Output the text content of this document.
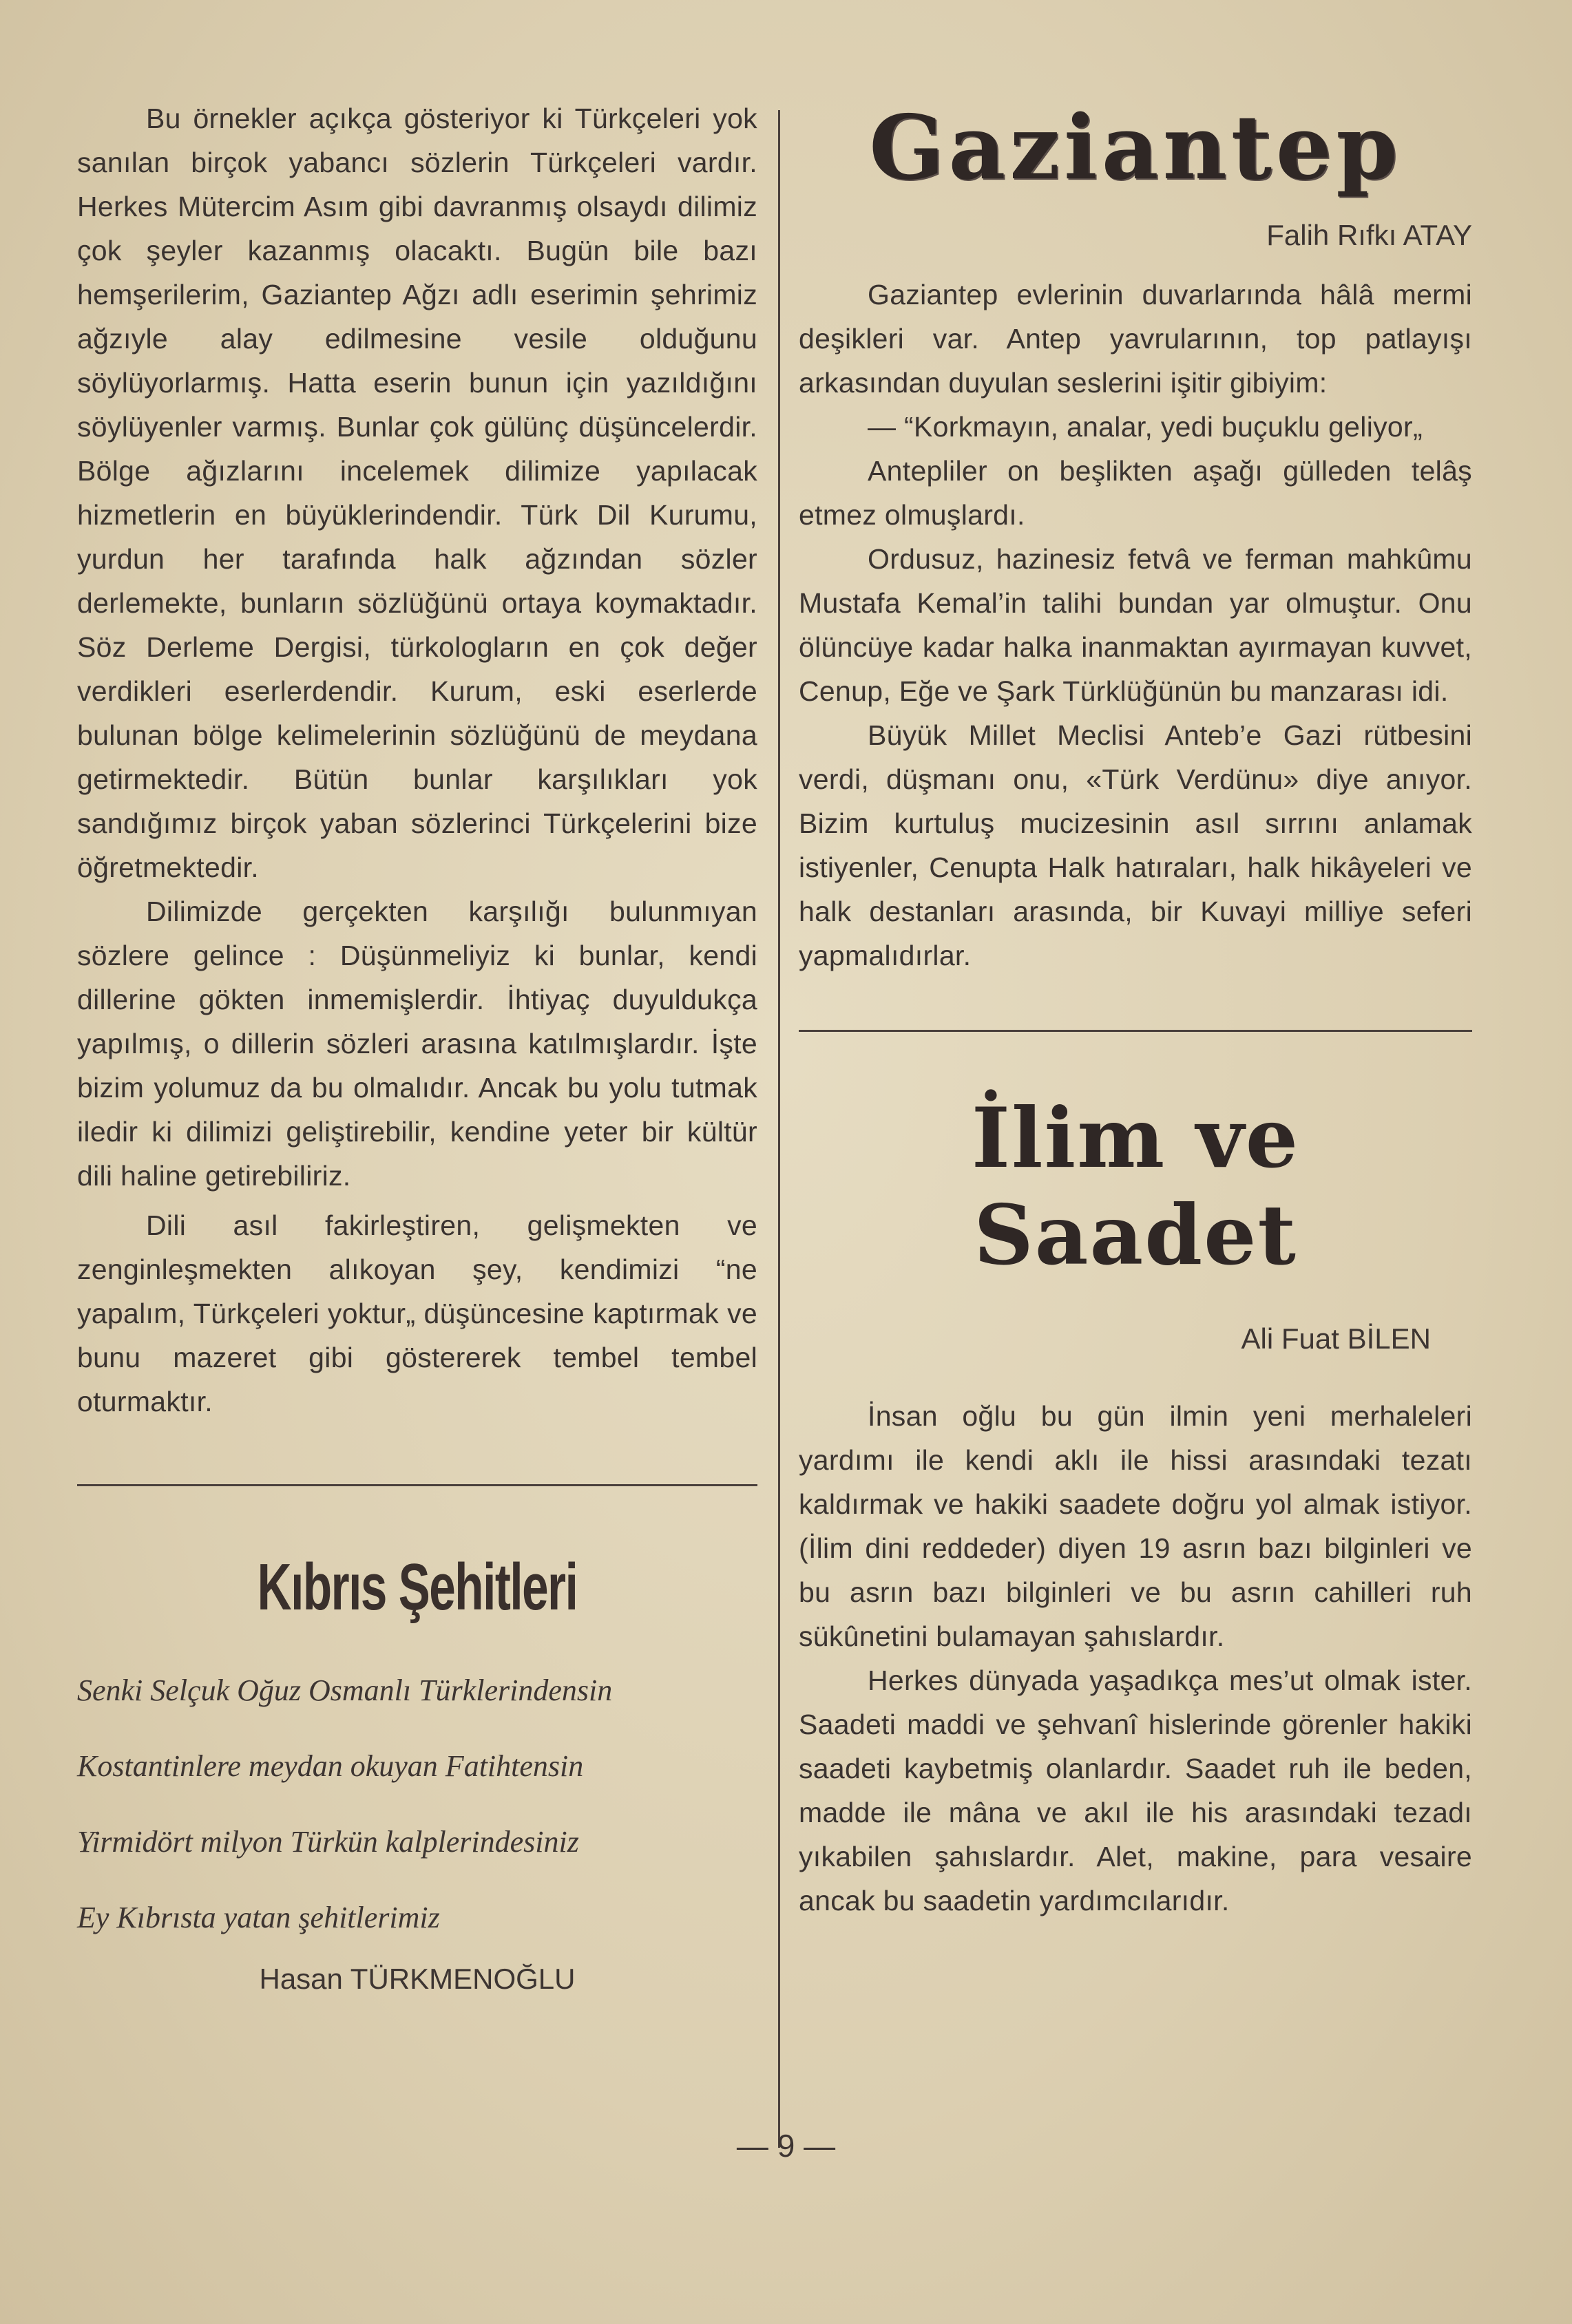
Bu örnekler açıkça gösteriyor ki Türkçeleri yok sanılan birçok yabancı sözlerin Türkçeleri vardır. Herkes Mütercim Asım gibi davranmış olsaydı dilimiz çok şeyler kazanmış olacaktı. Bugün bile bazı hemşerilerim, Gaziantep Ağzı adlı eserimin şehrimiz ağzıyle alay edilmesine vesile olduğunu söylüyorlarmış. Hatta eserin bunun için yazıldığını söylüyenler varmış. Bunlar çok gülünç düşüncelerdir. Bölge ağızlarını incelemek dilimize yapılacak hizmetlerin en büyüklerindendir. Türk Dil Kurumu, yurdun her tarafında halk ağzından sözler derlemekte, bunların sözlüğünü ortaya koymaktadır. Söz Derleme Dergisi, türkologların en çok değer verdikleri eserlerdendir. Kurum, eski eserlerde bulunan bölge kelimelerinin sözlüğünü de meydana getirmektedir. Bütün bunlar karşılıkları yok sandığımız birçok yaban sözlerinci Türkçelerini bize öğretmektedir.

Dilimizde gerçekten karşılığı bulunmıyan sözlere gelince : Düşünmeliyiz ki bunlar, kendi dillerine gökten inmemişlerdir. İhtiyaç duyuldukça yapılmış, o dillerin sözleri arasına katılmışlardır. İşte bizim yolumuz da bu olmalıdır. Ancak bu yolu tutmak iledir ki dilimizi geliştirebilir, kendine yeter bir kültür dili haline getirebiliriz.

Dili asıl fakirleştiren, gelişmekten ve zenginleşmekten alıkoyan şey, kendimizi “ne yapalım, Türkçeleri yoktur„ düşüncesine kaptırmak ve bunu mazeret gibi göstererek tembel tembel oturmaktır.

Kıbrıs Şehitleri
Senki Selçuk Oğuz Osmanlı Türklerindensin
Kostantinlere meydan okuyan Fatihtensin
Yirmidört milyon Türkün kalplerindesiniz
Ey Kıbrısta yatan şehitlerimiz
Hasan TÜRKMENOĞLU
Gaziantep
Falih Rıfkı ATAY

Gaziantep evlerinin duvarlarında hâlâ mermi deşikleri var. Antep yavrularının, top patlayışı arkasından duyulan seslerini işitir gibiyim:

— “Korkmayın, analar, yedi buçuklu geliyor„

Antepliler on beşlikten aşağı gülleden telâş etmez olmuşlardı.

Ordusuz, hazinesiz fetvâ ve ferman mahkûmu Mustafa Kemal’in talihi bundan yar olmuştur. Onu ölüncüye kadar halka inanmaktan ayırmayan kuvvet, Cenup, Eğe ve Şark Türklüğünün bu manzarası idi.

Büyük Millet Meclisi Anteb’e Gazi rütbesini verdi, düşmanı onu, «Türk Verdünu» diye anıyor. Bizim kurtuluş mucizesinin asıl sırrını anlamak istiyenler, Cenupta Halk hatıraları, halk hikâyeleri ve halk destanları arasında, bir Kuvayi milliye seferi yapmalıdırlar.

İlim ve Saadet
Ali Fuat BİLEN

İnsan oğlu bu gün ilmin yeni merhaleleri yardımı ile kendi aklı ile hissi arasındaki tezatı kaldırmak ve hakiki saadete doğru yol almak istiyor. (İlim dini reddeder) diyen 19 asrın bazı bilginleri ve bu asrın bazı bilginleri ve bu asrın cahilleri ruh sükûnetini bulamayan şahıslardır.

Herkes dünyada yaşadıkça mes’ut olmak ister. Saadeti maddi ve şehvanî hislerinde görenler hakiki saadeti kaybetmiş olanlardır. Saadet ruh ile beden, madde ile mâna ve akıl ile his arasındaki tezadı yıkabilen şahıslardır. Alet, makine, para vesaire ancak bu saadetin yardımcılarıdır.

— 9 —
